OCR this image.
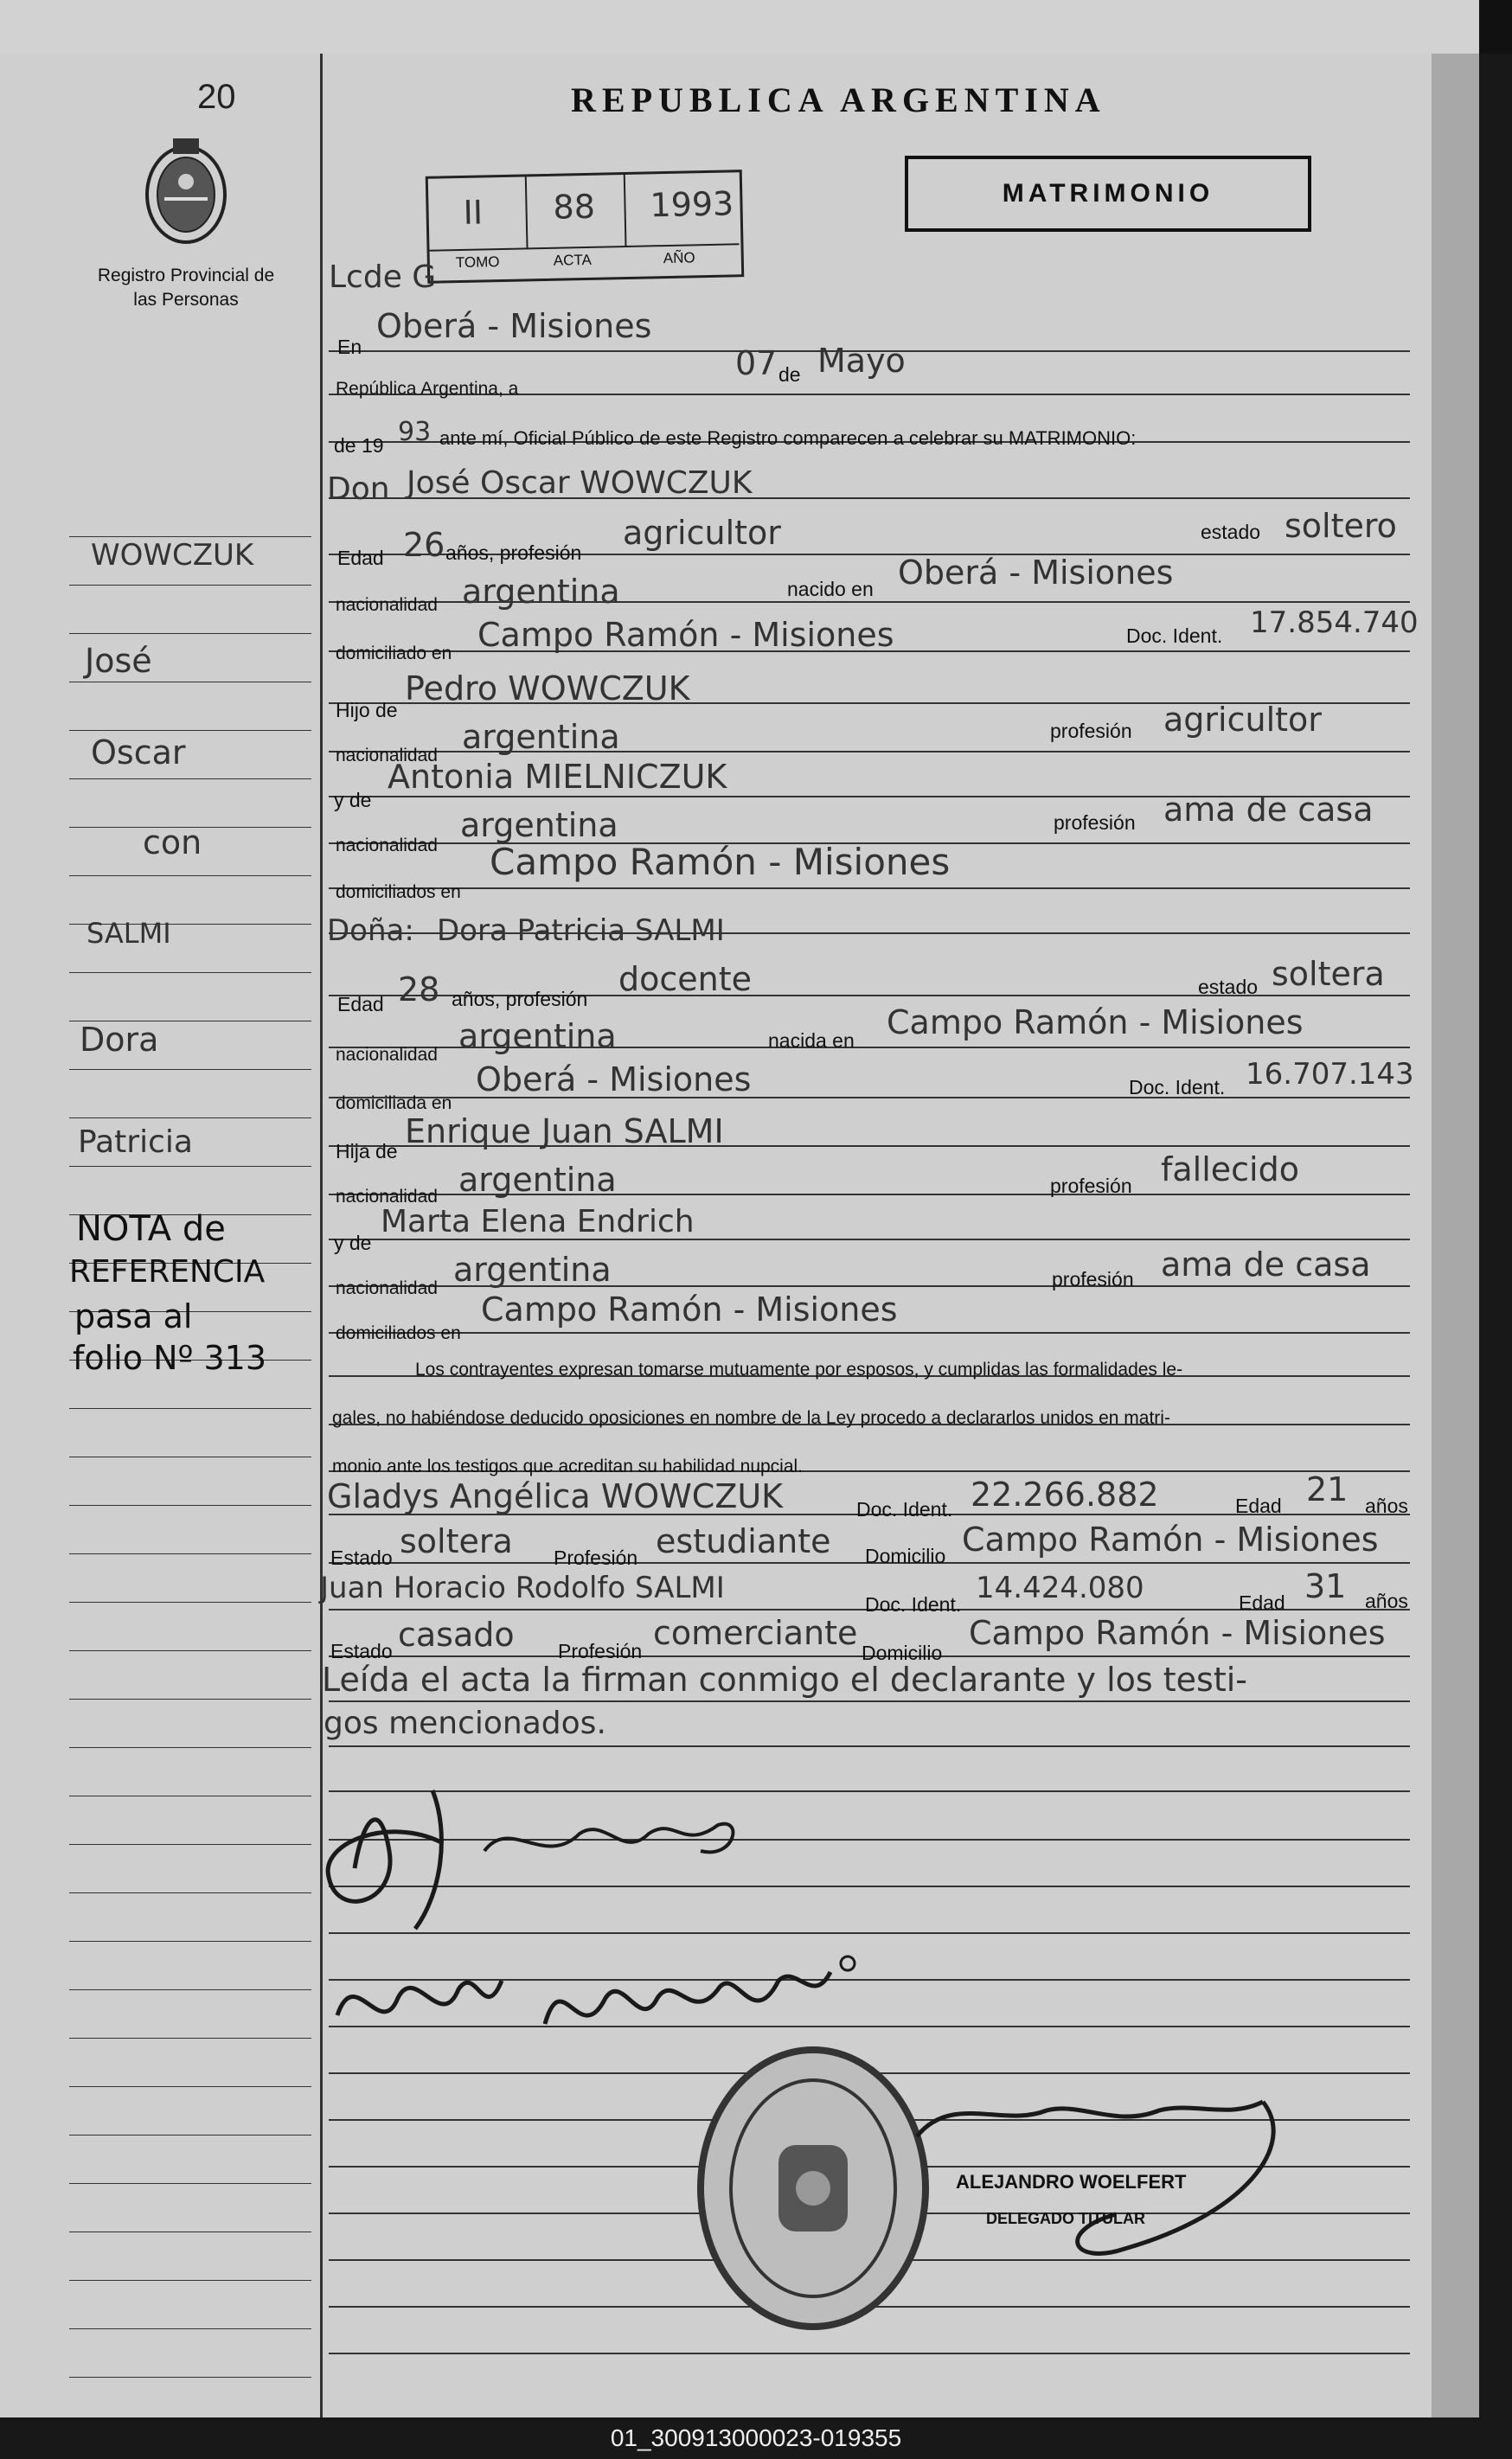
20
Registro Provincial de las Personas
REPUBLICA ARGENTINA
II 88 1993
TOMO	ACTA	AÑO
MATRIMONIO
Lcde G
En
Oberá - Misiones
República Argentina, a
07 de Mayo
de 19 93 ante mí, Oficial Público de este Registro comparecen a celebrar su MATRIMONIO:
Don José Oscar WOWCZUK
Edad 26 años, profesión
agricultor	estado soltero
nacionalidad argentina	nacido en Oberá - Misiones
domiciliado en Campo Ramón - Misiones	Doc. Ident. 17.854.740
Hijo de
Pedro WOWCZUK
nacionalidad argentina	profesión agricultor
y de
Antonia MIELNICZUK
nacionalidad
argentina	profesión ama de casa
domiciliados en
Campo Ramón - Misiones
Doña: Dora Patricia SALMI
Edad 28 años, profesión
docente	estado soltera
nacionalidad argentina	nacida en Campo Ramón - Misiones
domiciliada en
Oberá - Misiones	Doc. Ident. 16.707.143
Hija de
Enrique Juan SALMI
nacionalidad argentina	profesión fallecido
y de
Marta Elena Endrich
nacionalidad argentina	profesión ama de casa
domiciliados en
Campo Ramón - Misiones
Los contrayentes expresan tomarse mutuamente por esposos, y cumplidas las formalidades le-
gales, no habiéndose deducido oposiciones en nombre de la Ley procedo a declararlos unidos en matri-
monio ante los testigos que acreditan su habilidad nupcial.
Gladys Angélica WOWCZUK	Doc. Ident. 22.266.882	Edad 21 años
Estado soltera Profesión estudiante Domicilio Campo Ramón - Misiones
Juan Horacio Rodolfo SALMI	Doc. Ident. 14.424.080	Edad 31 años
Estado casado Profesión comerciante
Domicilio
Campo Ramón - Misiones
Leída el acta la firman conmigo el declarante y los testi-
gos mencionados.
WOWCZUK
José
Oscar
con
SALMI
Dora
Patricia
NOTA de
REFERENCIA
pasa al
folio Nº 313
ALEJANDRO WOELFERT
DELEGADO TITULAR
01_300913000023-019355
